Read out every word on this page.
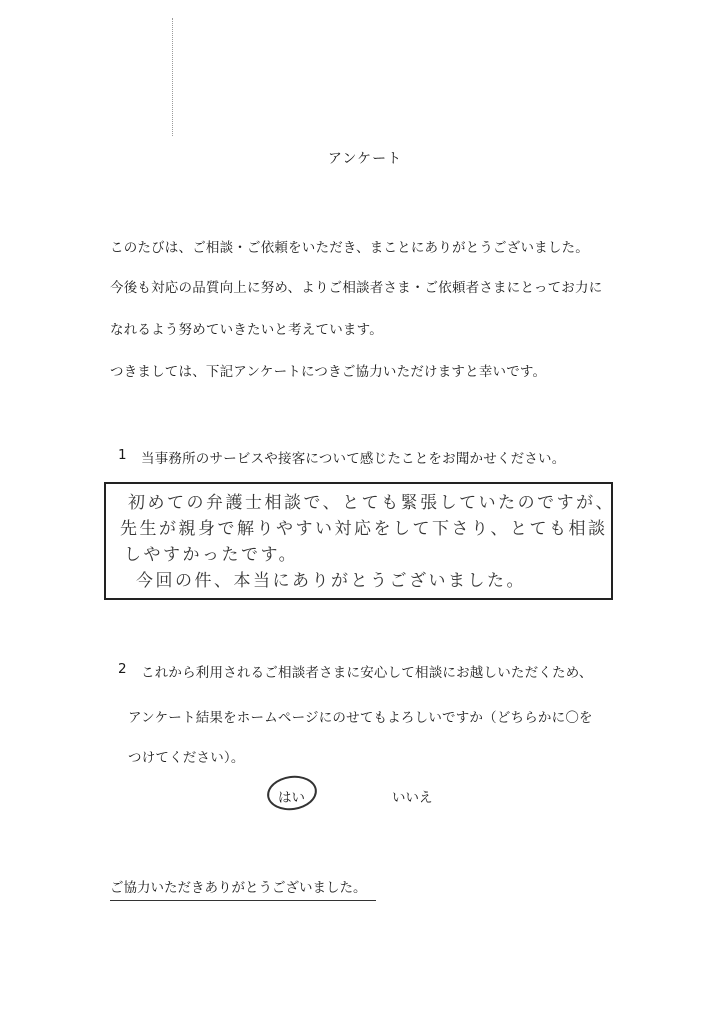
アンケート
このたびは、ご相談・ご依頼をいただき、まことにありがとうございました。
今後も対応の品質向上に努め、よりご相談者さま・ご依頼者さまにとってお力に
なれるよう努めていきたいと考えています。
つきましては、下記アンケートにつきご協力いただけますと幸いです。
1 当事務所のサービスや接客について感じたことをお聞かせください。
初めての弁護士相談で、とても緊張していたのですが、
先生が親身で解りやすい対応をして下さり、とても相談
しやすかったです。
今回の件、本当にありがとうございました。
2 これから利用されるご相談者さまに安心して相談にお越しいただくため、
アンケート結果をホームページにのせてもよろしいですか（どちらかに〇を
つけてください）。
はい	いいえ
ご協力いただきありがとうございました。
